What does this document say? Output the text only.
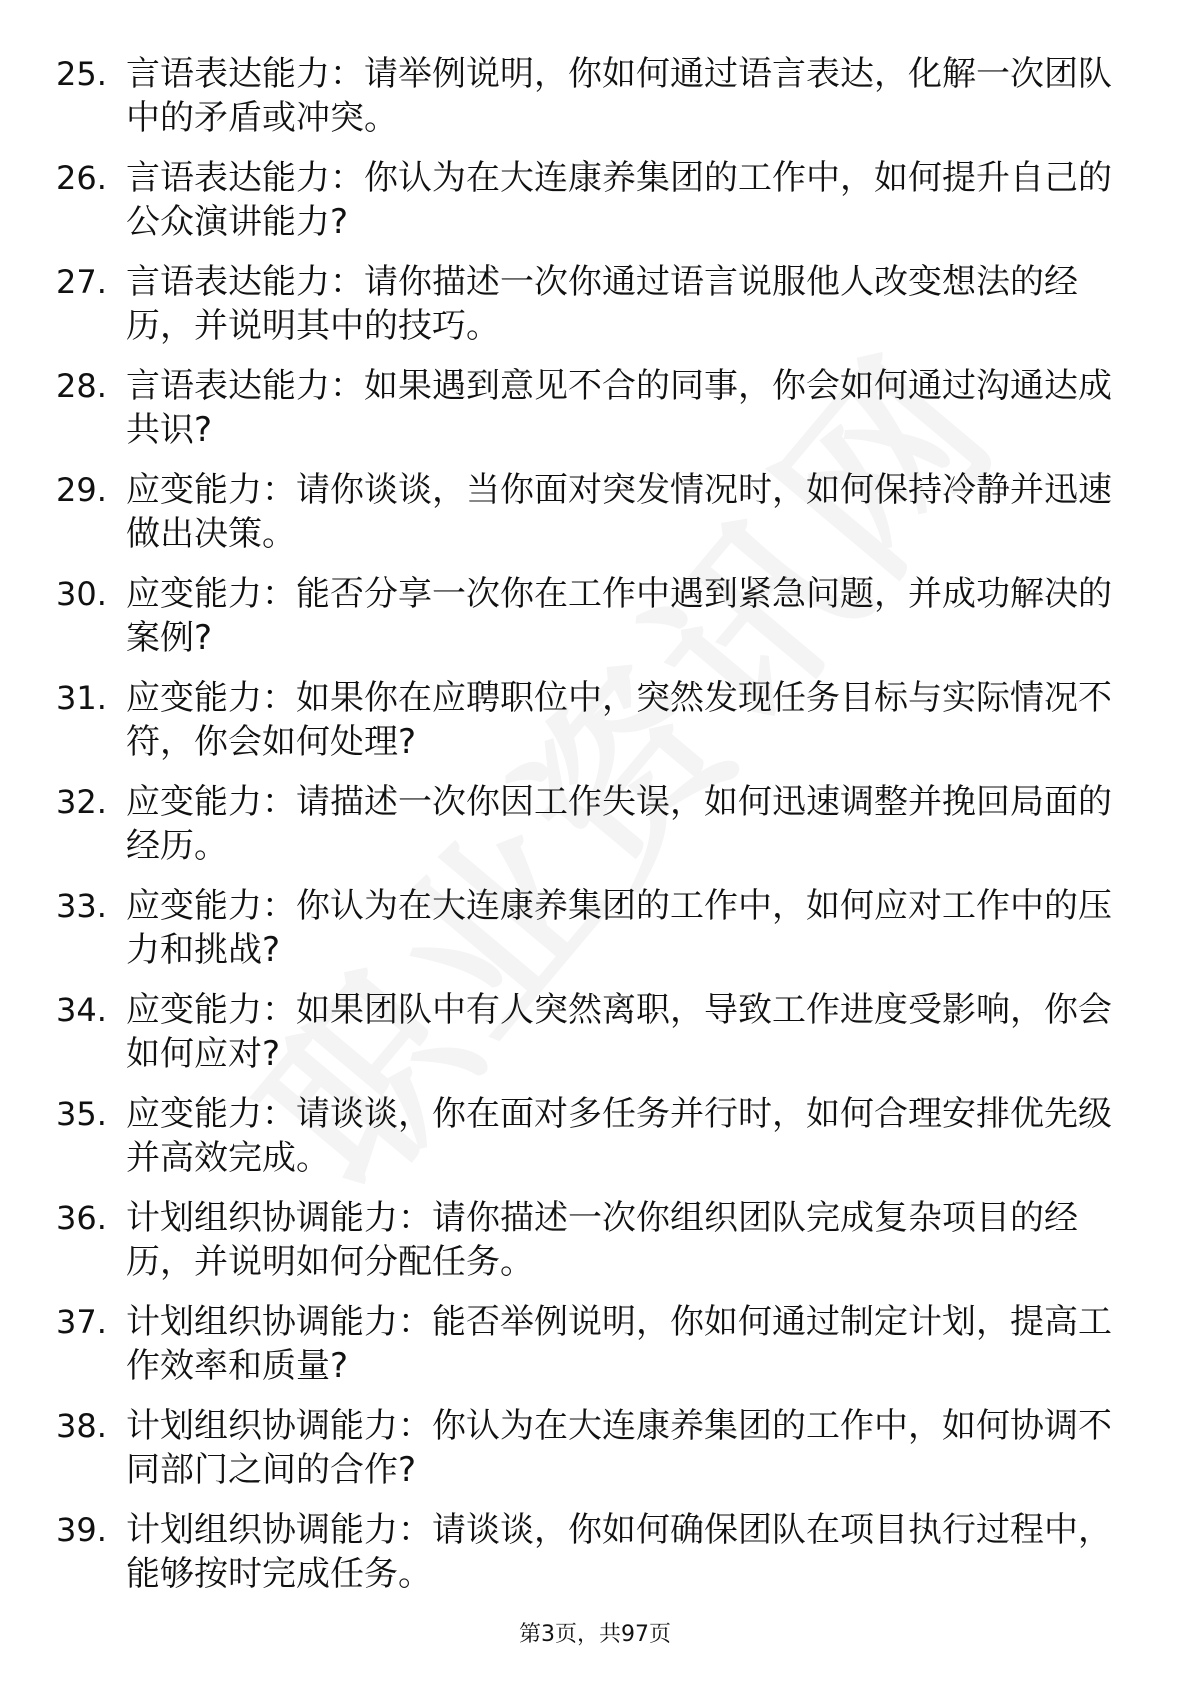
25. 言语表达能力：请举例说明，你如何通过语言表达，化解一次团队中的矛盾或冲突。

26. 言语表达能力：你认为在大连康养集团的工作中，如何提升自己的公众演讲能力?

27. 言语表达能力：请你描述一次你通过语言说服他人改变想法的经历，并说明其中的技巧。

28. 言语表达能力：如果遇到意见不合的同事，你会如何通过沟通达成共识?

29. 应变能力：请你谈谈，当你面对突发情况时，如何保持冷静并迅速做出决策。

30. 应变能力：能否分享一次你在工作中遇到紧急问题，并成功解决的案例?

31. 应变能力：如果你在应聘职位中，突然发现任务目标与实际情况不符，你会如何处理?

32. 应变能力：请描述一次你因工作失误，如何迅速调整并挽回局面的经历。

33. 应变能力：你认为在大连康养集团的工作中，如何应对工作中的压力和挑战?

34. 应变能力：如果团队中有人突然离职，导致工作进度受影响，你会如何应对?

35. 应变能力：请谈谈，你在面对多任务并行时，如何合理安排优先级并高效完成。

36. 计划组织协调能力：请你描述一次你组织团队完成复杂项目的经历，并说明如何分配任务。

37. 计划组织协调能力：能否举例说明，你如何通过制定计划，提高工作效率和质量?

38. 计划组织协调能力：你认为在大连康养集团的工作中，如何协调不同部门之间的合作?

39. 计划组织协调能力：请谈谈，你如何确保团队在项目执行过程中，能够按时完成任务。

第3页，共97页
